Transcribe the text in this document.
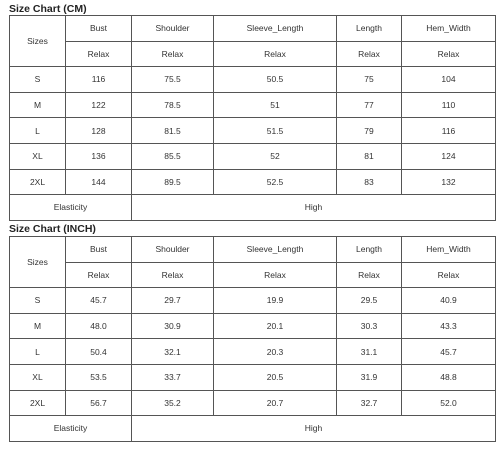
Size Chart (CM)
Sizes	Bust	Shoulder	Sleeve_Length	Length	Hem_Width
	Relax	Relax	Relax	Relax	Relax
S	116	75.5	50.5	75	104
M	122	78.5	51	77	110
L	128	81.5	51.5	79	116
XL	136	85.5	52	81	124
2XL	144	89.5	52.5	83	132
Elasticity		High			
Size Chart (INCH)
Sizes	Bust	Shoulder	Sleeve_Length	Length	Hem_Width
	Relax	Relax	Relax	Relax	Relax
S	45.7	29.7	19.9	29.5	40.9
M	48.0	30.9	20.1	30.3	43.3
L	50.4	32.1	20.3	31.1	45.7
XL	53.5	33.7	20.5	31.9	48.8
2XL	56.7	35.2	20.7	32.7	52.0
Elasticity		High			
